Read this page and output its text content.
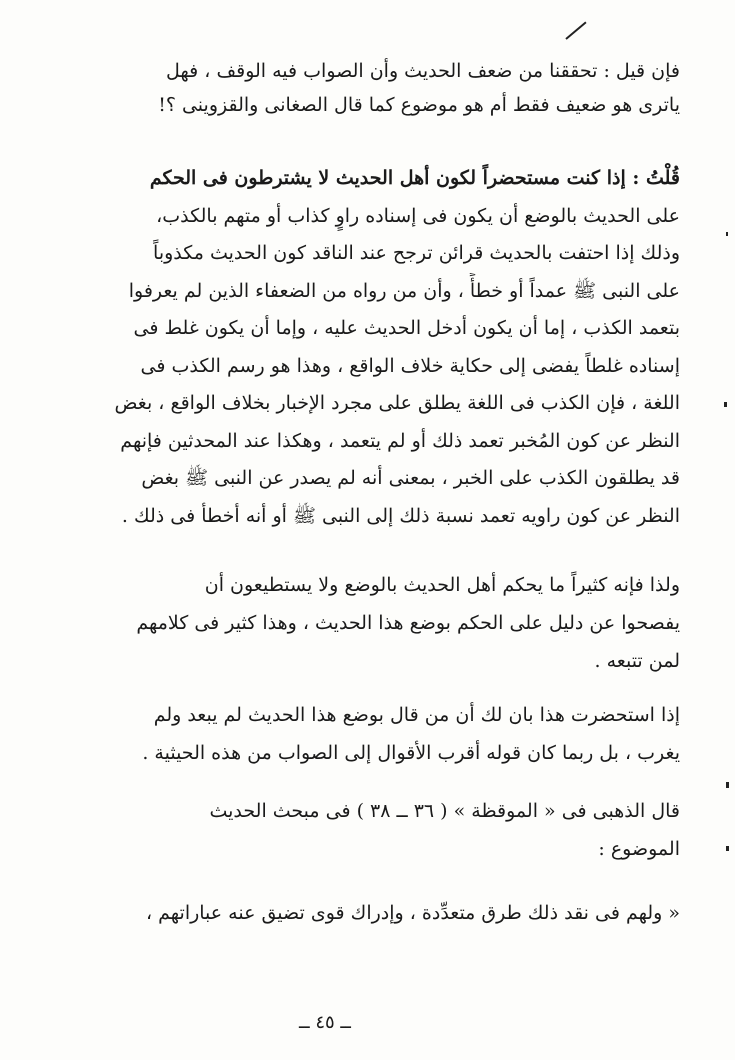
فإن قيل : تحققنا من ضعف الحديث وأن الصواب فيه الوقف ، فهل
ياترى هو ضعيف فقط أم هو موضوع كما قال الصغانى والقزوينى ؟!
قُلْتُ : إذا كنت مستحضراً لكون أهل الحديث لا يشترطون فى الحكم
على الحديث بالوضع أن يكون فى إسناده راوٍ كذاب أو متهم بالكذب،
وذلك إذا احتفت بالحديث قرائن ترجح عند الناقد كون الحديث مكذوباً
على النبى ﷺ عمداً أو خطأً ، وأن من رواه من الضعفاء الذين لم يعرفوا
بتعمد الكذب ، إما أن يكون أدخل الحديث عليه ، وإما أن يكون غلط فى
إسناده غلطاً يفضى إلى حكاية خلاف الواقع ، وهذا هو رسم الكذب فى
اللغة ، فإن الكذب فى اللغة يطلق على مجرد الإخبار بخلاف الواقع ، بغض
النظر عن كون المُخبر تعمد ذلك أو لم يتعمد ، وهكذا عند المحدثين فإنهم
قد يطلقون الكذب على الخبر ، بمعنى أنه لم يصدر عن النبى ﷺ بغض
النظر عن كون راويه تعمد نسبة ذلك إلى النبى ﷺ أو أنه أخطأ فى ذلك .
ولذا فإنه كثيراً ما يحكم أهل الحديث بالوضع ولا يستطيعون أن
يفصحوا عن دليل على الحكم بوضع هذا الحديث ، وهذا كثير فى كلامهم
لمن تتبعه .
إذا استحضرت هذا بان لك أن من قال بوضع هذا الحديث لم يبعد ولم
يغرب ، بل ربما كان قوله أقرب الأقوال إلى الصواب من هذه الحيثية .
قال الذهبى فى « الموقظة » ( ٣٦ ــ ٣٨ ) فى مبحث الحديث
الموضوع :
« ولهم فى نقد ذلك طرق متعدِّدة ، وإدراك قوى تضيق عنه عباراتهم ،
ــ ٤٥ ــ
